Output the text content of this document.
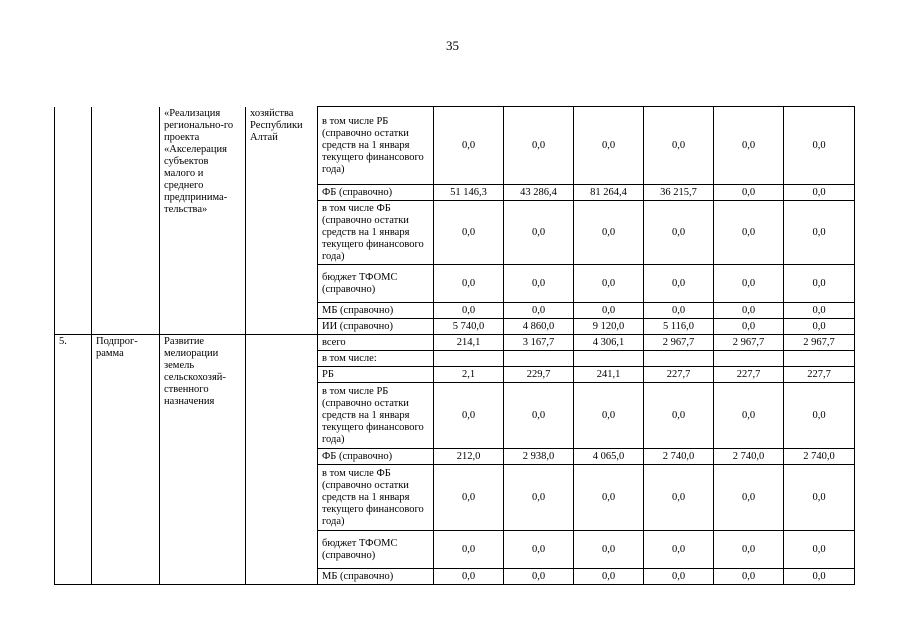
35
		«Реализация регионально-го проекта «Акселерация субъектов малого и среднего предпринима-тельства»	хозяйства Республики Алтай	в том числе РБ (справочно остатки средств на 1 января текущего финансового года)	0,0	0,0	0,0	0,0	0,0	0,0
				ФБ (справочно)	51 146,3	43 286,4	81 264,4	36 215,7	0,0	0,0
				в том числе ФБ (справочно остатки средств на 1 января текущего финансового года)	0,0	0,0	0,0	0,0	0,0	0,0
				бюджет ТФОМС (справочно)	0,0	0,0	0,0	0,0	0,0	0,0
				МБ (справочно)	0,0	0,0	0,0	0,0	0,0	0,0
				ИИ (справочно)	5 740,0	4 860,0	9 120,0	5 116,0	0,0	0,0
5.	Подпрог-рамма	Развитие мелиорации земель сельскохозяй-ственного назначения		всего	214,1	3 167,7	4 306,1	2 967,7	2 967,7	2 967,7
				в том числе:						
				РБ	2,1	229,7	241,1	227,7	227,7	227,7
				в том числе РБ (справочно остатки средств на 1 января текущего финансового года)	0,0	0,0	0,0	0,0	0,0	0,0
				ФБ (справочно)	212,0	2 938,0	4 065,0	2 740,0	2 740,0	2 740,0
				в том числе ФБ (справочно остатки средств на 1 января текущего финансового года)	0,0	0,0	0,0	0,0	0,0	0,0
				бюджет ТФОМС (справочно)	0,0	0,0	0,0	0,0	0,0	0,0
				МБ (справочно)	0,0	0,0	0,0	0,0	0,0	0,0
